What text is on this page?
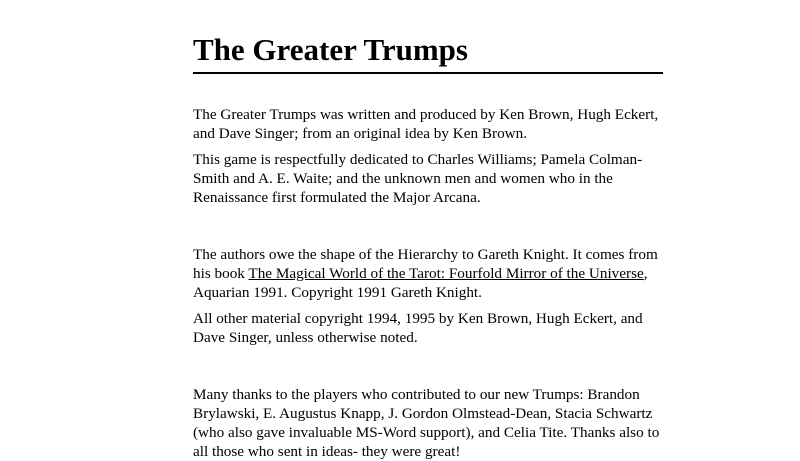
The Greater Trumps

The Greater Trumps was written and produced by Ken Brown, Hugh Eckert, and Dave Singer; from an original idea by Ken Brown.

This game is respectfully dedicated to Charles Williams; Pamela Colman-Smith and A. E. Waite; and the unknown men and women who in the Renaissance first formulated the Major Arcana.

The authors owe the shape of the Hierarchy to Gareth Knight. It comes from his book The Magical World of the Tarot: Fourfold Mirror of the Universe, Aquarian 1991. Copyright 1991 Gareth Knight.

All other material copyright 1994, 1995 by Ken Brown, Hugh Eckert, and Dave Singer, unless otherwise noted.

Many thanks to the players who contributed to our new Trumps: Brandon Brylawski, E. Augustus Knapp, J. Gordon Olmstead-Dean, Stacia Schwartz (who also gave invaluable MS-Word support), and Celia Tite. Thanks also to all those who sent in ideas- they were great!
